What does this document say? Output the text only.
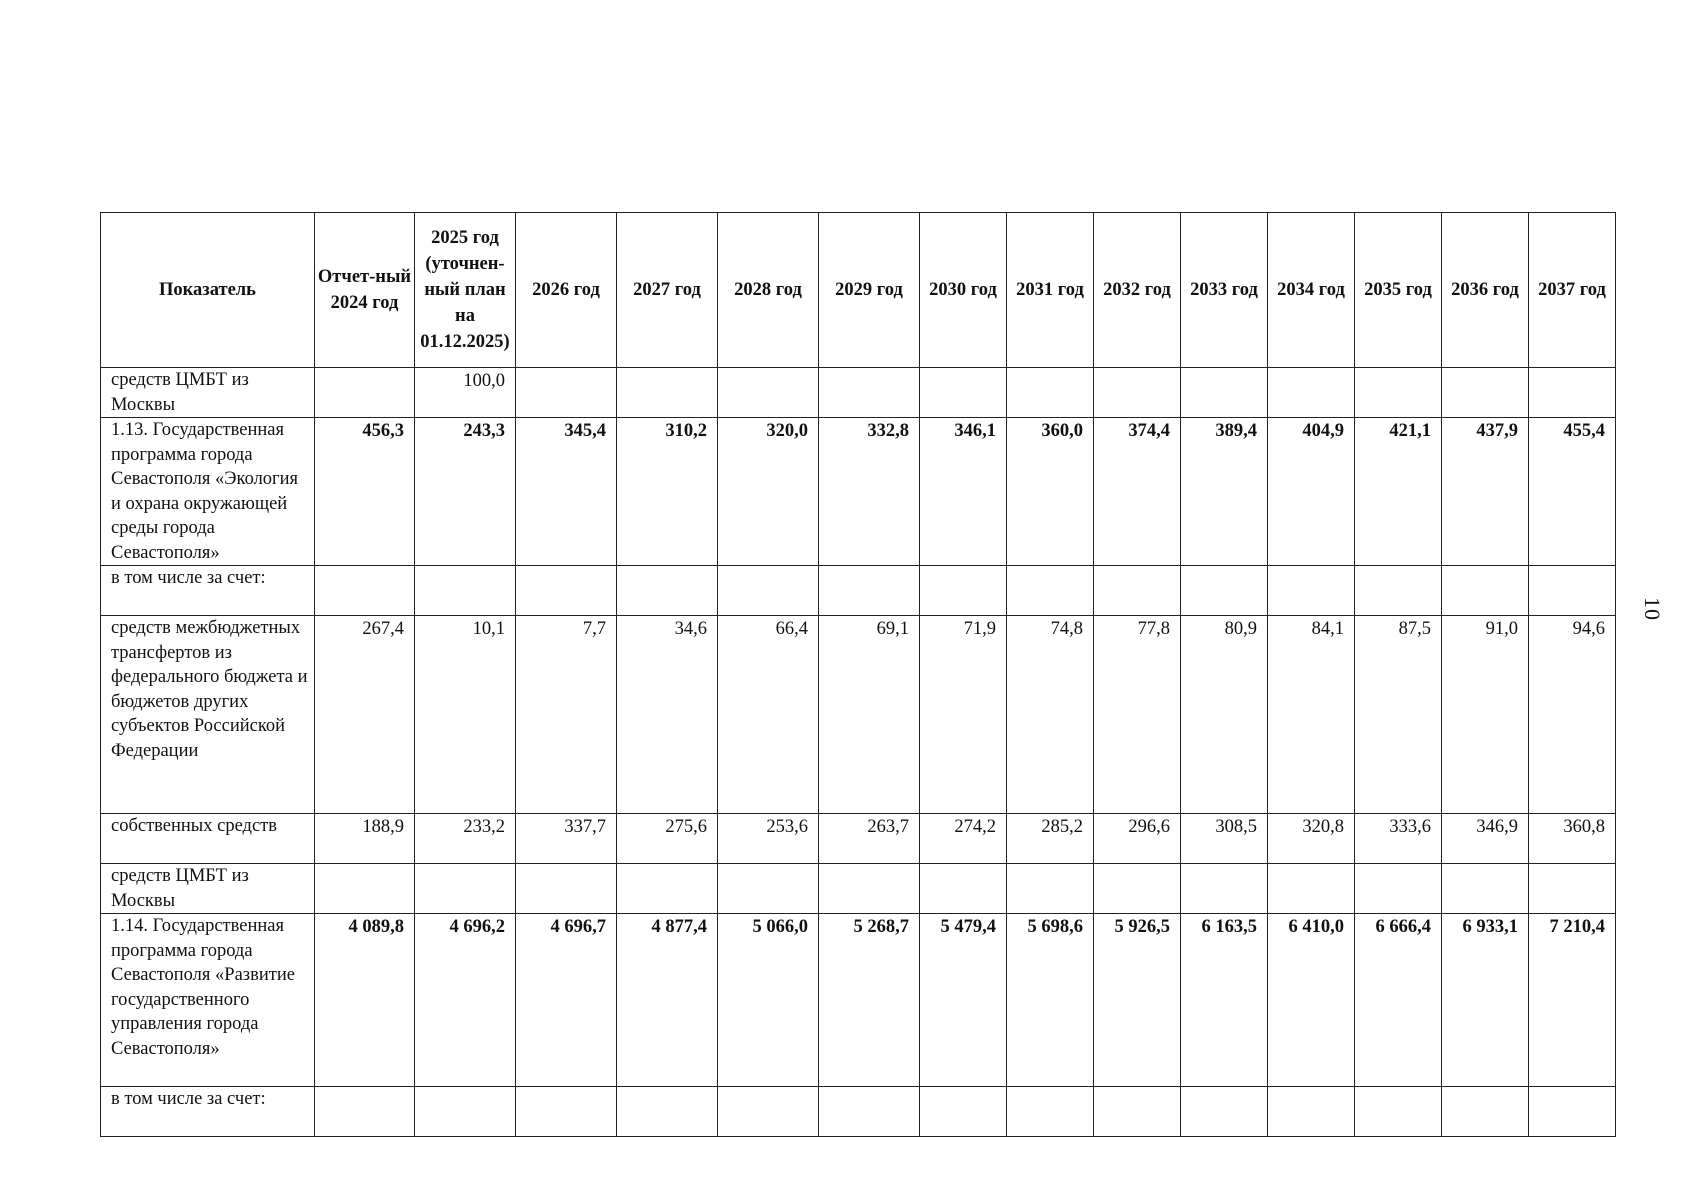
10
Показатель	Отчет-ный 2024 год	2025 год (уточнен-ный план на 01.12.2025)	2026 год	2027 год	2028 год	2029 год	2030 год	2031 год	2032 год	2033 год	2034 год	2035 год	2036 год	2037 год
средств ЦМБТ из Москвы		100,0												
1.13. Государственная программа города Севастополя «Экология и охрана окружающей среды города Севастополя»	456,3	243,3	345,4	310,2	320,0	332,8	346,1	360,0	374,4	389,4	404,9	421,1	437,9	455,4
в том числе за счет:														
средств межбюджетных трансфертов из федерального бюджета и бюджетов других субъектов Российской Федерации	267,4	10,1	7,7	34,6	66,4	69,1	71,9	74,8	77,8	80,9	84,1	87,5	91,0	94,6
собственных средств	188,9	233,2	337,7	275,6	253,6	263,7	274,2	285,2	296,6	308,5	320,8	333,6	346,9	360,8
средств ЦМБТ из Москвы														
1.14. Государственная программа города Севастополя «Развитие государственного управления города Севастополя»	4 089,8	4 696,2	4 696,7	4 877,4	5 066,0	5 268,7	5 479,4	5 698,6	5 926,5	6 163,5	6 410,0	6 666,4	6 933,1	7 210,4
в том числе за счет:														
